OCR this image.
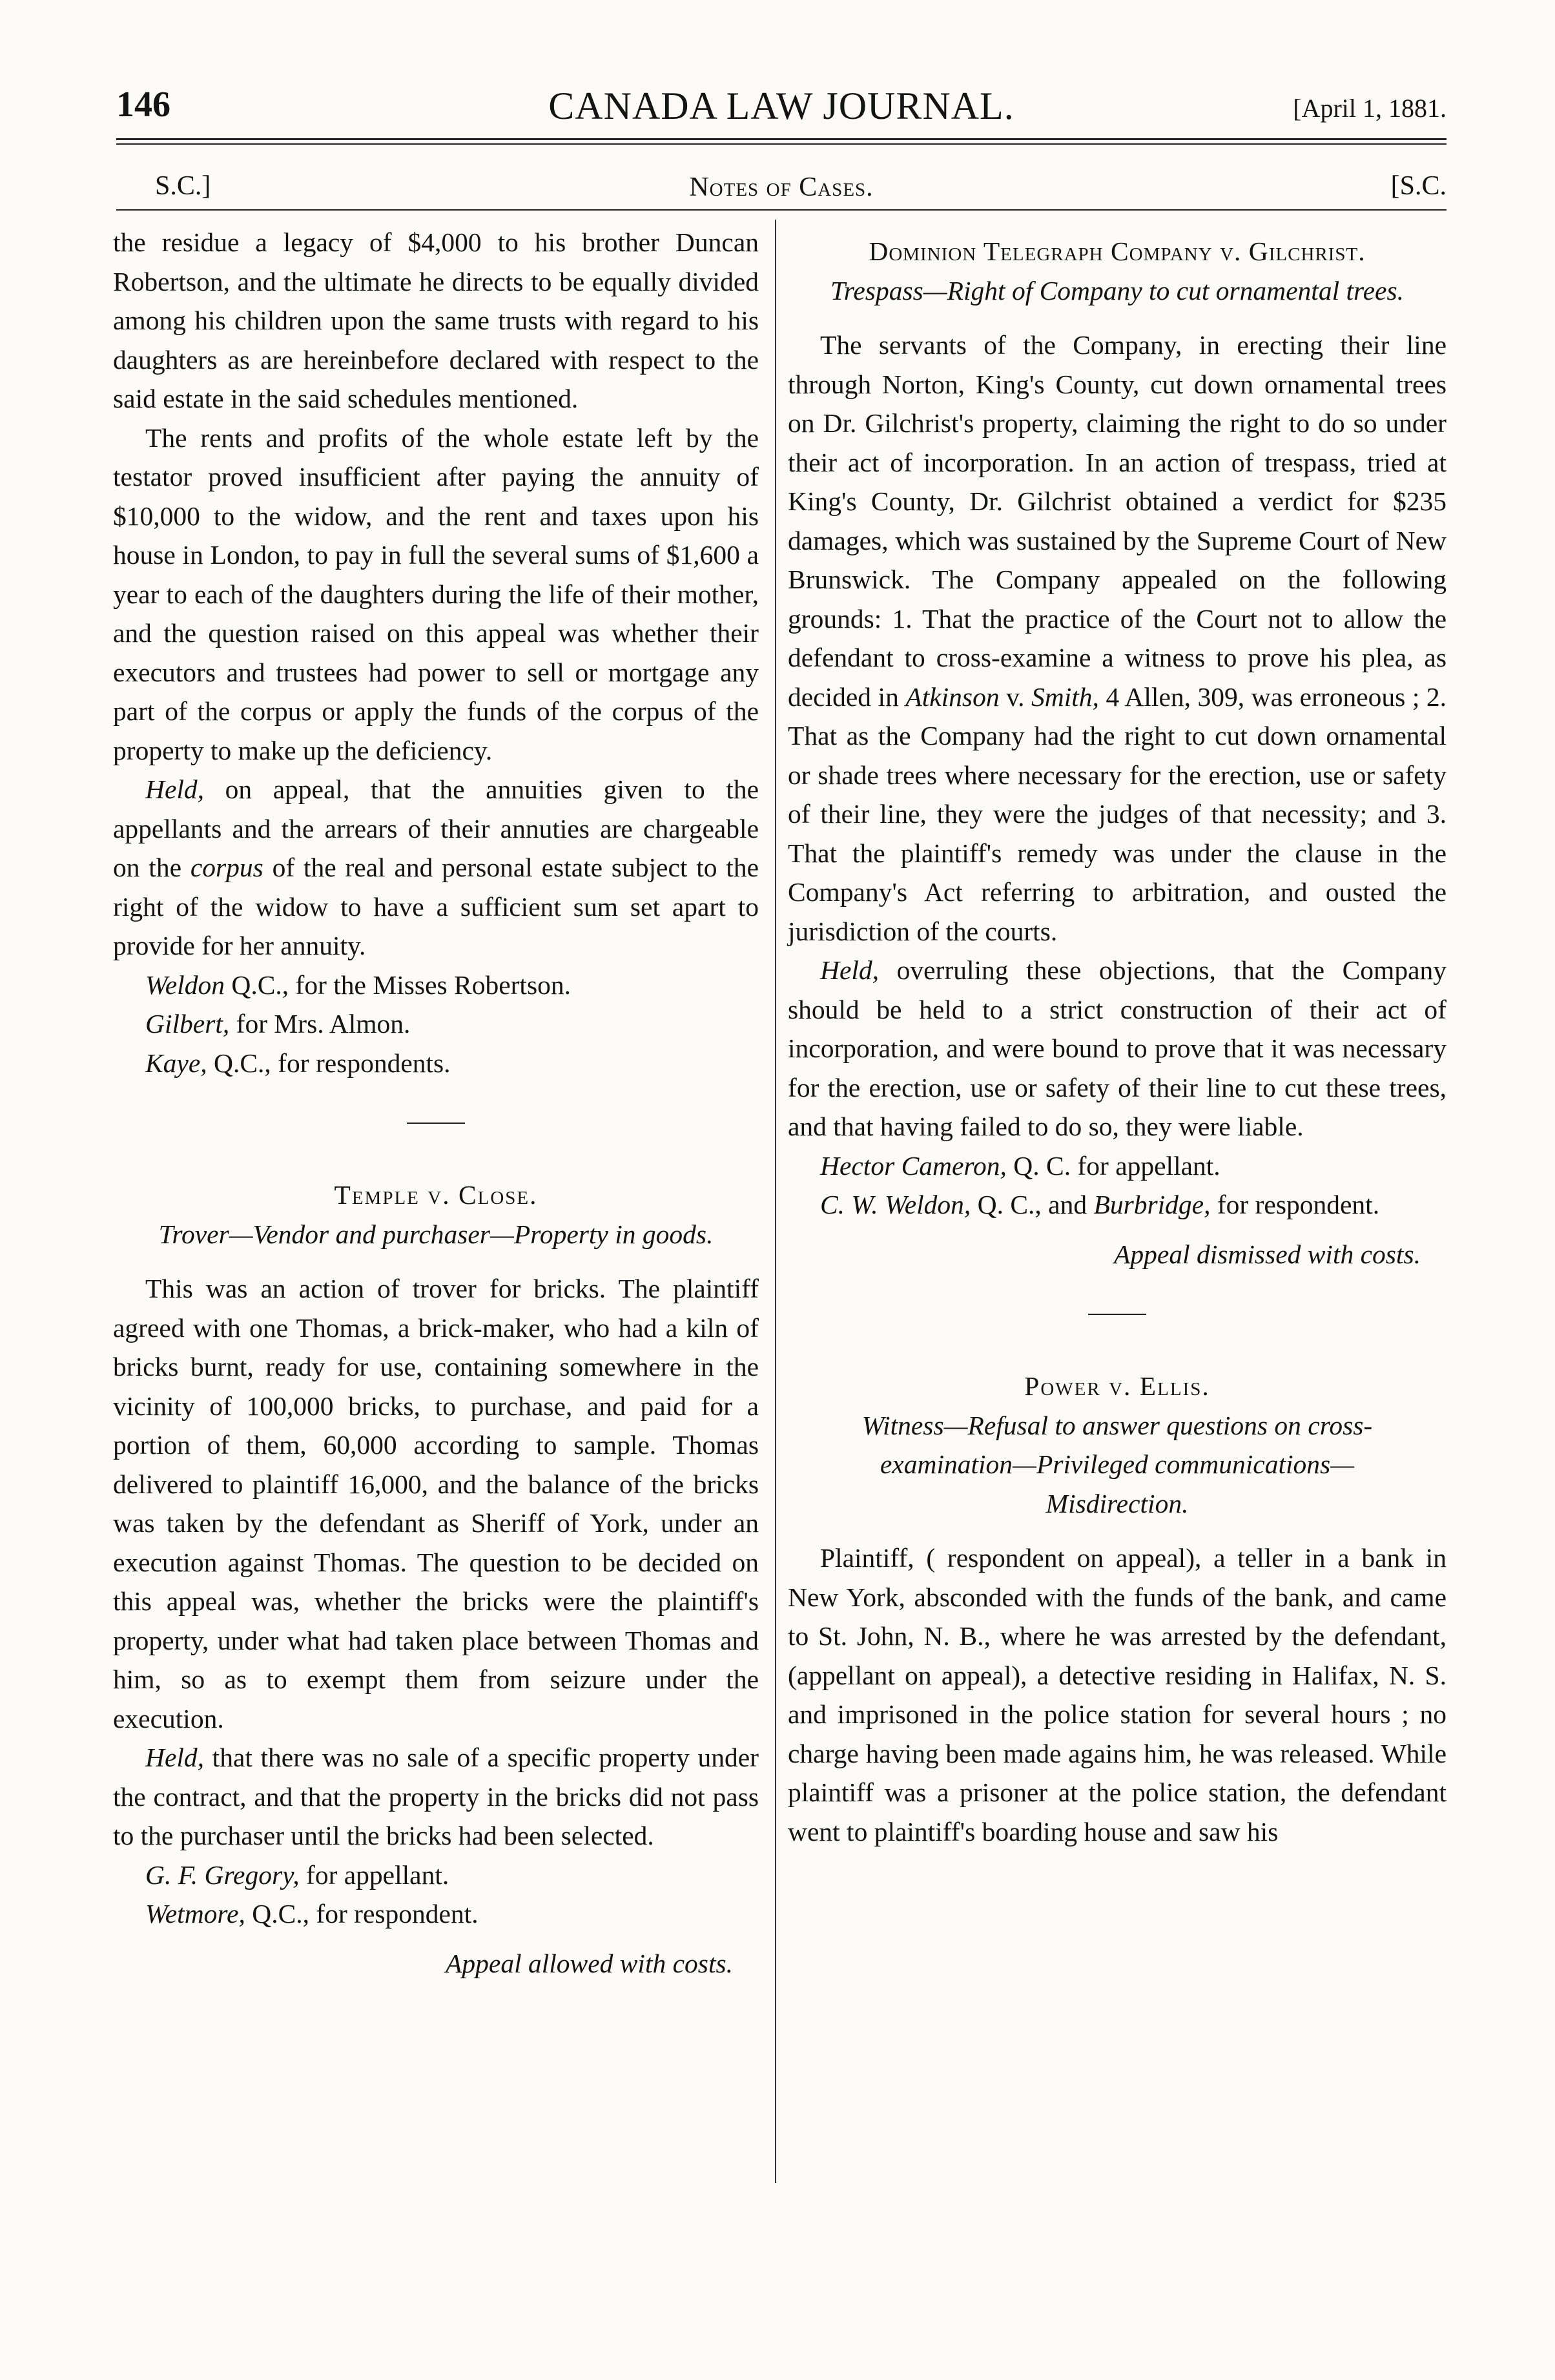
146	CANADA LAW JOURNAL.	[April 1, 1881.
S.C.]	Notes of Cases.	[S.C.

the residue a legacy of $4,000 to his brother Duncan Robertson, and the ultimate he directs to be equally divided among his children upon the same trusts with regard to his daughters as are hereinbefore declared with respect to the said estate in the said schedules mentioned.

The rents and profits of the whole estate left by the testator proved insufficient after paying the annuity of $10,000 to the widow, and the rent and taxes upon his house in London, to pay in full the several sums of $1,600 a year to each of the daughters during the life of their mother, and the question raised on this appeal was whether their executors and trustees had power to sell or mortgage any part of the corpus or apply the funds of the corpus of the property to make up the deficiency.

Held, on appeal, that the annuities given to the appellants and the arrears of their annuties are chargeable on the corpus of the real and personal estate subject to the right of the widow to have a sufficient sum set apart to provide for her annuity.

Weldon Q.C., for the Misses Robertson.

Gilbert, for Mrs. Almon.

Kaye, Q.C., for respondents.

Temple v. Close.

Trover—Vendor and purchaser—Property in goods.

This was an action of trover for bricks. The plaintiff agreed with one Thomas, a brick-maker, who had a kiln of bricks burnt, ready for use, containing somewhere in the vicinity of 100,000 bricks, to purchase, and paid for a portion of them, 60,000 according to sample. Thomas delivered to plaintiff 16,000, and the balance of the bricks was taken by the defendant as Sheriff of York, under an execution against Thomas. The question to be decided on this appeal was, whether the bricks were the plaintiff's property, under what had taken place between Thomas and him, so as to exempt them from seizure under the execution.

Held, that there was no sale of a specific property under the contract, and that the property in the bricks did not pass to the purchaser until the bricks had been selected.

G. F. Gregory, for appellant.

Wetmore, Q.C., for respondent.

Appeal allowed with costs.

Dominion Telegraph Company v. Gilchrist.

Trespass—Right of Company to cut ornamental trees.

The servants of the Company, in erecting their line through Norton, King's County, cut down ornamental trees on Dr. Gilchrist's property, claiming the right to do so under their act of incorporation. In an action of trespass, tried at King's County, Dr. Gilchrist obtained a verdict for $235 damages, which was sustained by the Supreme Court of New Brunswick. The Company appealed on the following grounds: 1. That the practice of the Court not to allow the defendant to cross-examine a witness to prove his plea, as decided in Atkinson v. Smith, 4 Allen, 309, was erroneous ; 2. That as the Company had the right to cut down ornamental or shade trees where necessary for the erection, use or safety of their line, they were the judges of that necessity; and 3. That the plaintiff's remedy was under the clause in the Company's Act referring to arbitration, and ousted the jurisdiction of the courts.

Held, overruling these objections, that the Company should be held to a strict construction of their act of incorporation, and were bound to prove that it was necessary for the erection, use or safety of their line to cut these trees, and that having failed to do so, they were liable.

Hector Cameron, Q. C. for appellant.

C. W. Weldon, Q. C., and Burbridge, for respondent.

Appeal dismissed with costs.

Power v. Ellis.

Witness—Refusal to answer questions on cross-examination—Privileged communications—Misdirection.

Plaintiff, ( respondent on appeal), a teller in a bank in New York, absconded with the funds of the bank, and came to St. John, N. B., where he was arrested by the defendant, (appellant on appeal), a detective residing in Halifax, N. S. and imprisoned in the police station for several hours ; no charge having been made agains him, he was released. While plaintiff was a prisoner at the police station, the defendant went to plaintiff's boarding house and saw his
